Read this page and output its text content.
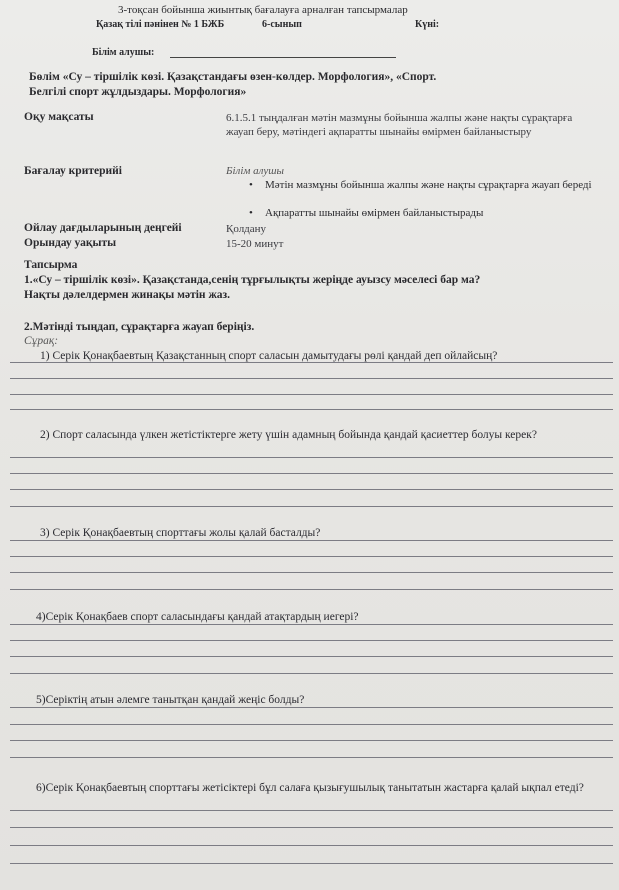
3-тоқсан бойынша жиынтық бағалауға арналған тапсырмалар
Қазақ тілі пәнінен № 1 БЖБ	6-сынып	Күні:
Білім алушы:
Бөлім «Су – тіршілік көзі. Қазақстандағы өзен-көлдер. Морфология», «Спорт.
Белгілі спорт жұлдыздары. Морфология»
Оқу мақсаты	6.1.5.1 тыңдалған мәтін мазмұны бойынша жалпы және нақты сұрақтарға жауап беру, мәтіндегі ақпаратты шынайы өмірмен байланыстыру
Бағалау критерийі	Білім алушы
• Мәтін мазмұны бойынша жалпы және нақты сұрақтарға жауап береді
• Ақпаратты шынайы өмірмен байланыстырады
Ойлау дағдыларының деңгейі	Қолдану
Орындау уақыты	15-20 минут
Тапсырма
1.«Су – тіршілік көзі». Қазақстанда,сенің тұрғылықты жеріңде ауызсу мәселесі бар ма?
Нақты дәлелдермен жинақы мәтін жаз.
2.Мәтінді тыңдап, сұрақтарға жауап беріңіз.
Сұрақ:
1) Серік Қонақбаевтың Қазақстанның спорт саласын дамытудағы рөлі қандай деп ойлайсың?
2) Спорт саласында үлкен жетістіктерге жету үшін адамның бойында қандай қасиеттер болуы керек?
3) Серік Қонақбаевтың спорттағы жолы қалай басталды?
4)Серік Қонақбаев спорт саласындағы қандай атақтардың иегері?
5)Серіктің атын әлемге танытқан қандай жеңіс болды?
6)Серік Қонақбаевтың спорттағы жетісіктері бұл салаға қызығушылық танытатын жастарға қалай ықпал етеді?
